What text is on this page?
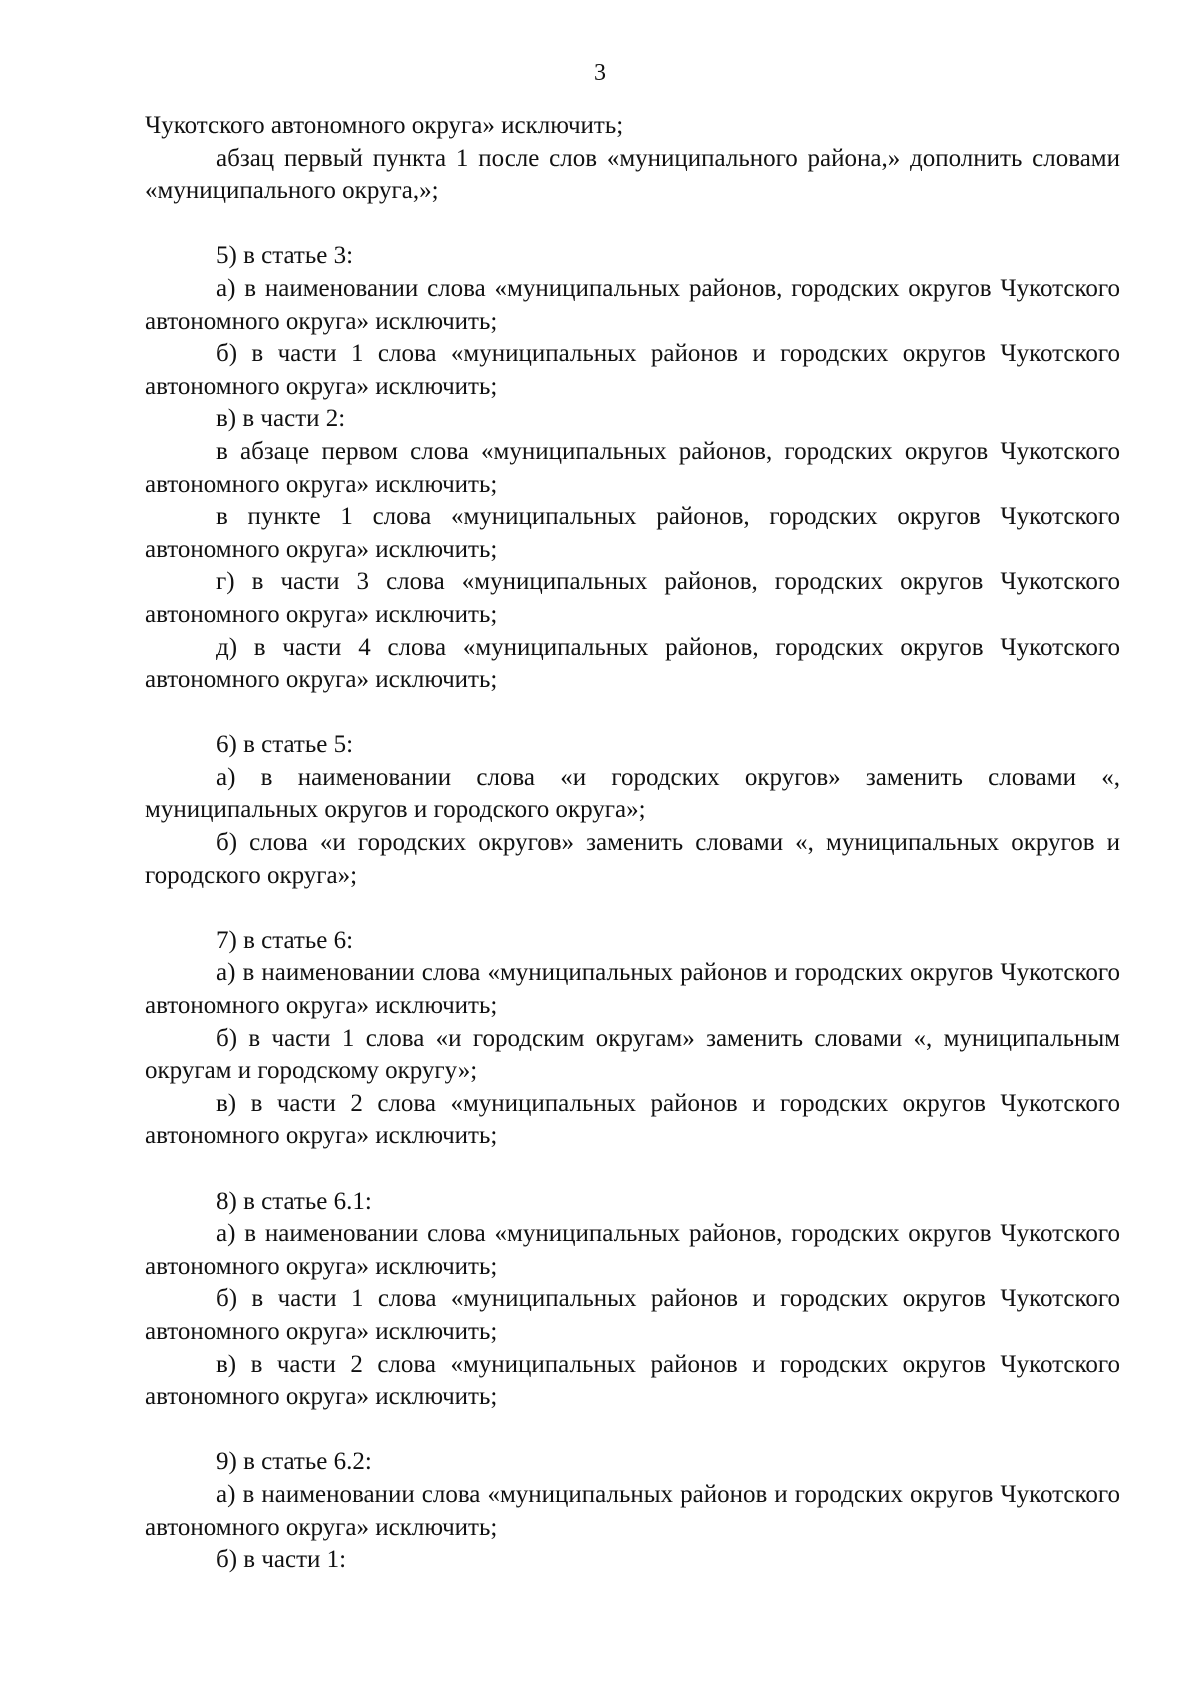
3

Чукотского автономного округа» исключить;

абзац первый пункта 1 после слов «муниципального района,» дополнить словами «муниципального округа,»;

5) в статье 3:

а) в наименовании слова «муниципальных районов, городских округов Чукотского автономного округа» исключить;

б) в части 1 слова «муниципальных районов и городских округов Чукотского автономного округа» исключить;

в) в части 2:

в абзаце первом слова «муниципальных районов, городских округов Чукотского автономного округа» исключить;

в пункте 1 слова «муниципальных районов, городских округов Чукотского автономного округа» исключить;

г) в части 3 слова «муниципальных районов, городских округов Чукотского автономного округа» исключить;

д) в части 4 слова «муниципальных районов, городских округов Чукотского автономного округа» исключить;

6) в статье 5:

а) в наименовании слова «и городских округов» заменить словами «, муниципальных округов и городского округа»;

б) слова «и городских округов» заменить словами «, муниципальных округов и городского округа»;

7) в статье 6:

а) в наименовании слова «муниципальных районов и городских округов Чукотского автономного округа» исключить;

б) в части 1 слова «и городским округам» заменить словами «, муниципальным округам и городскому округу»;

в) в части 2 слова «муниципальных районов и городских округов Чукотского автономного округа» исключить;

8) в статье 6.1:

а) в наименовании слова «муниципальных районов, городских округов Чукотского автономного округа» исключить;

б) в части 1 слова «муниципальных районов и городских округов Чукотского автономного округа» исключить;

в) в части 2 слова «муниципальных районов и городских округов Чукотского автономного округа» исключить;

9) в статье 6.2:

а) в наименовании слова «муниципальных районов и городских округов Чукотского автономного округа» исключить;

б) в части 1:
